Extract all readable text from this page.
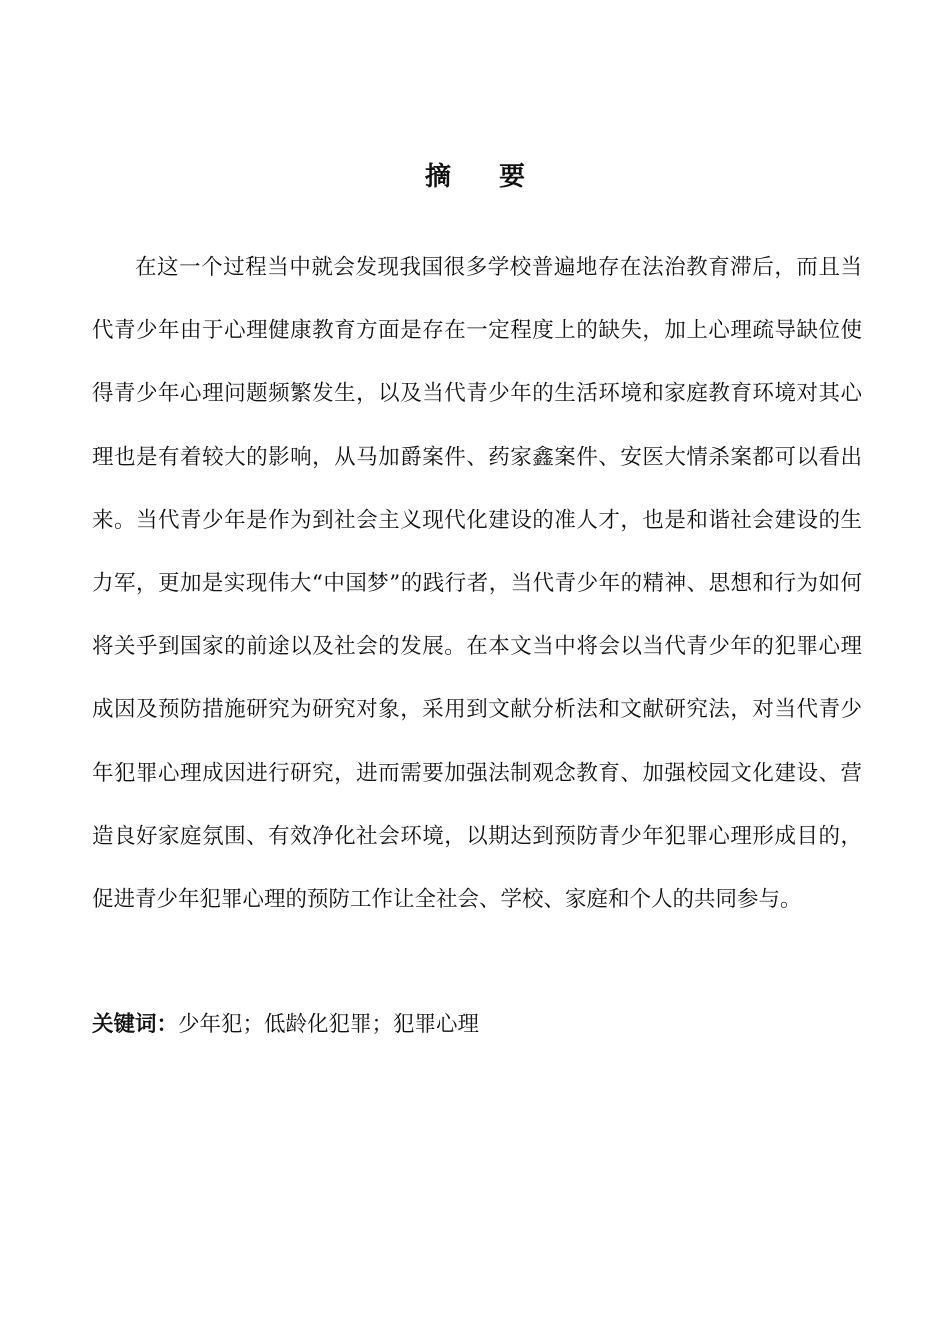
摘要

在这一个过程当中就会发现我国很多学校普遍地存在法治教育滞后，而且当代青少年由于心理健康教育方面是存在一定程度上的缺失，加上心理疏导缺位使得青少年心理问题频繁发生，以及当代青少年的生活环境和家庭教育环境对其心理也是有着较大的影响，从马加爵案件、药家鑫案件、安医大情杀案都可以看出来。当代青少年是作为到社会主义现代化建设的准人才，也是和谐社会建设的生力军，更加是实现伟大“中国梦”的践行者，当代青少年的精神、思想和行为如何将关乎到国家的前途以及社会的发展。在本文当中将会以当代青少年的犯罪心理成因及预防措施研究为研究对象，采用到文献分析法和文献研究法，对当代青少年犯罪心理成因进行研究，进而需要加强法制观念教育、加强校园文化建设、营造良好家庭氛围、有效净化社会环境，以期达到预防青少年犯罪心理形成目的，促进青少年犯罪心理的预防工作让全社会、学校、家庭和个人的共同参与。

关键词：少年犯；低龄化犯罪；犯罪心理
